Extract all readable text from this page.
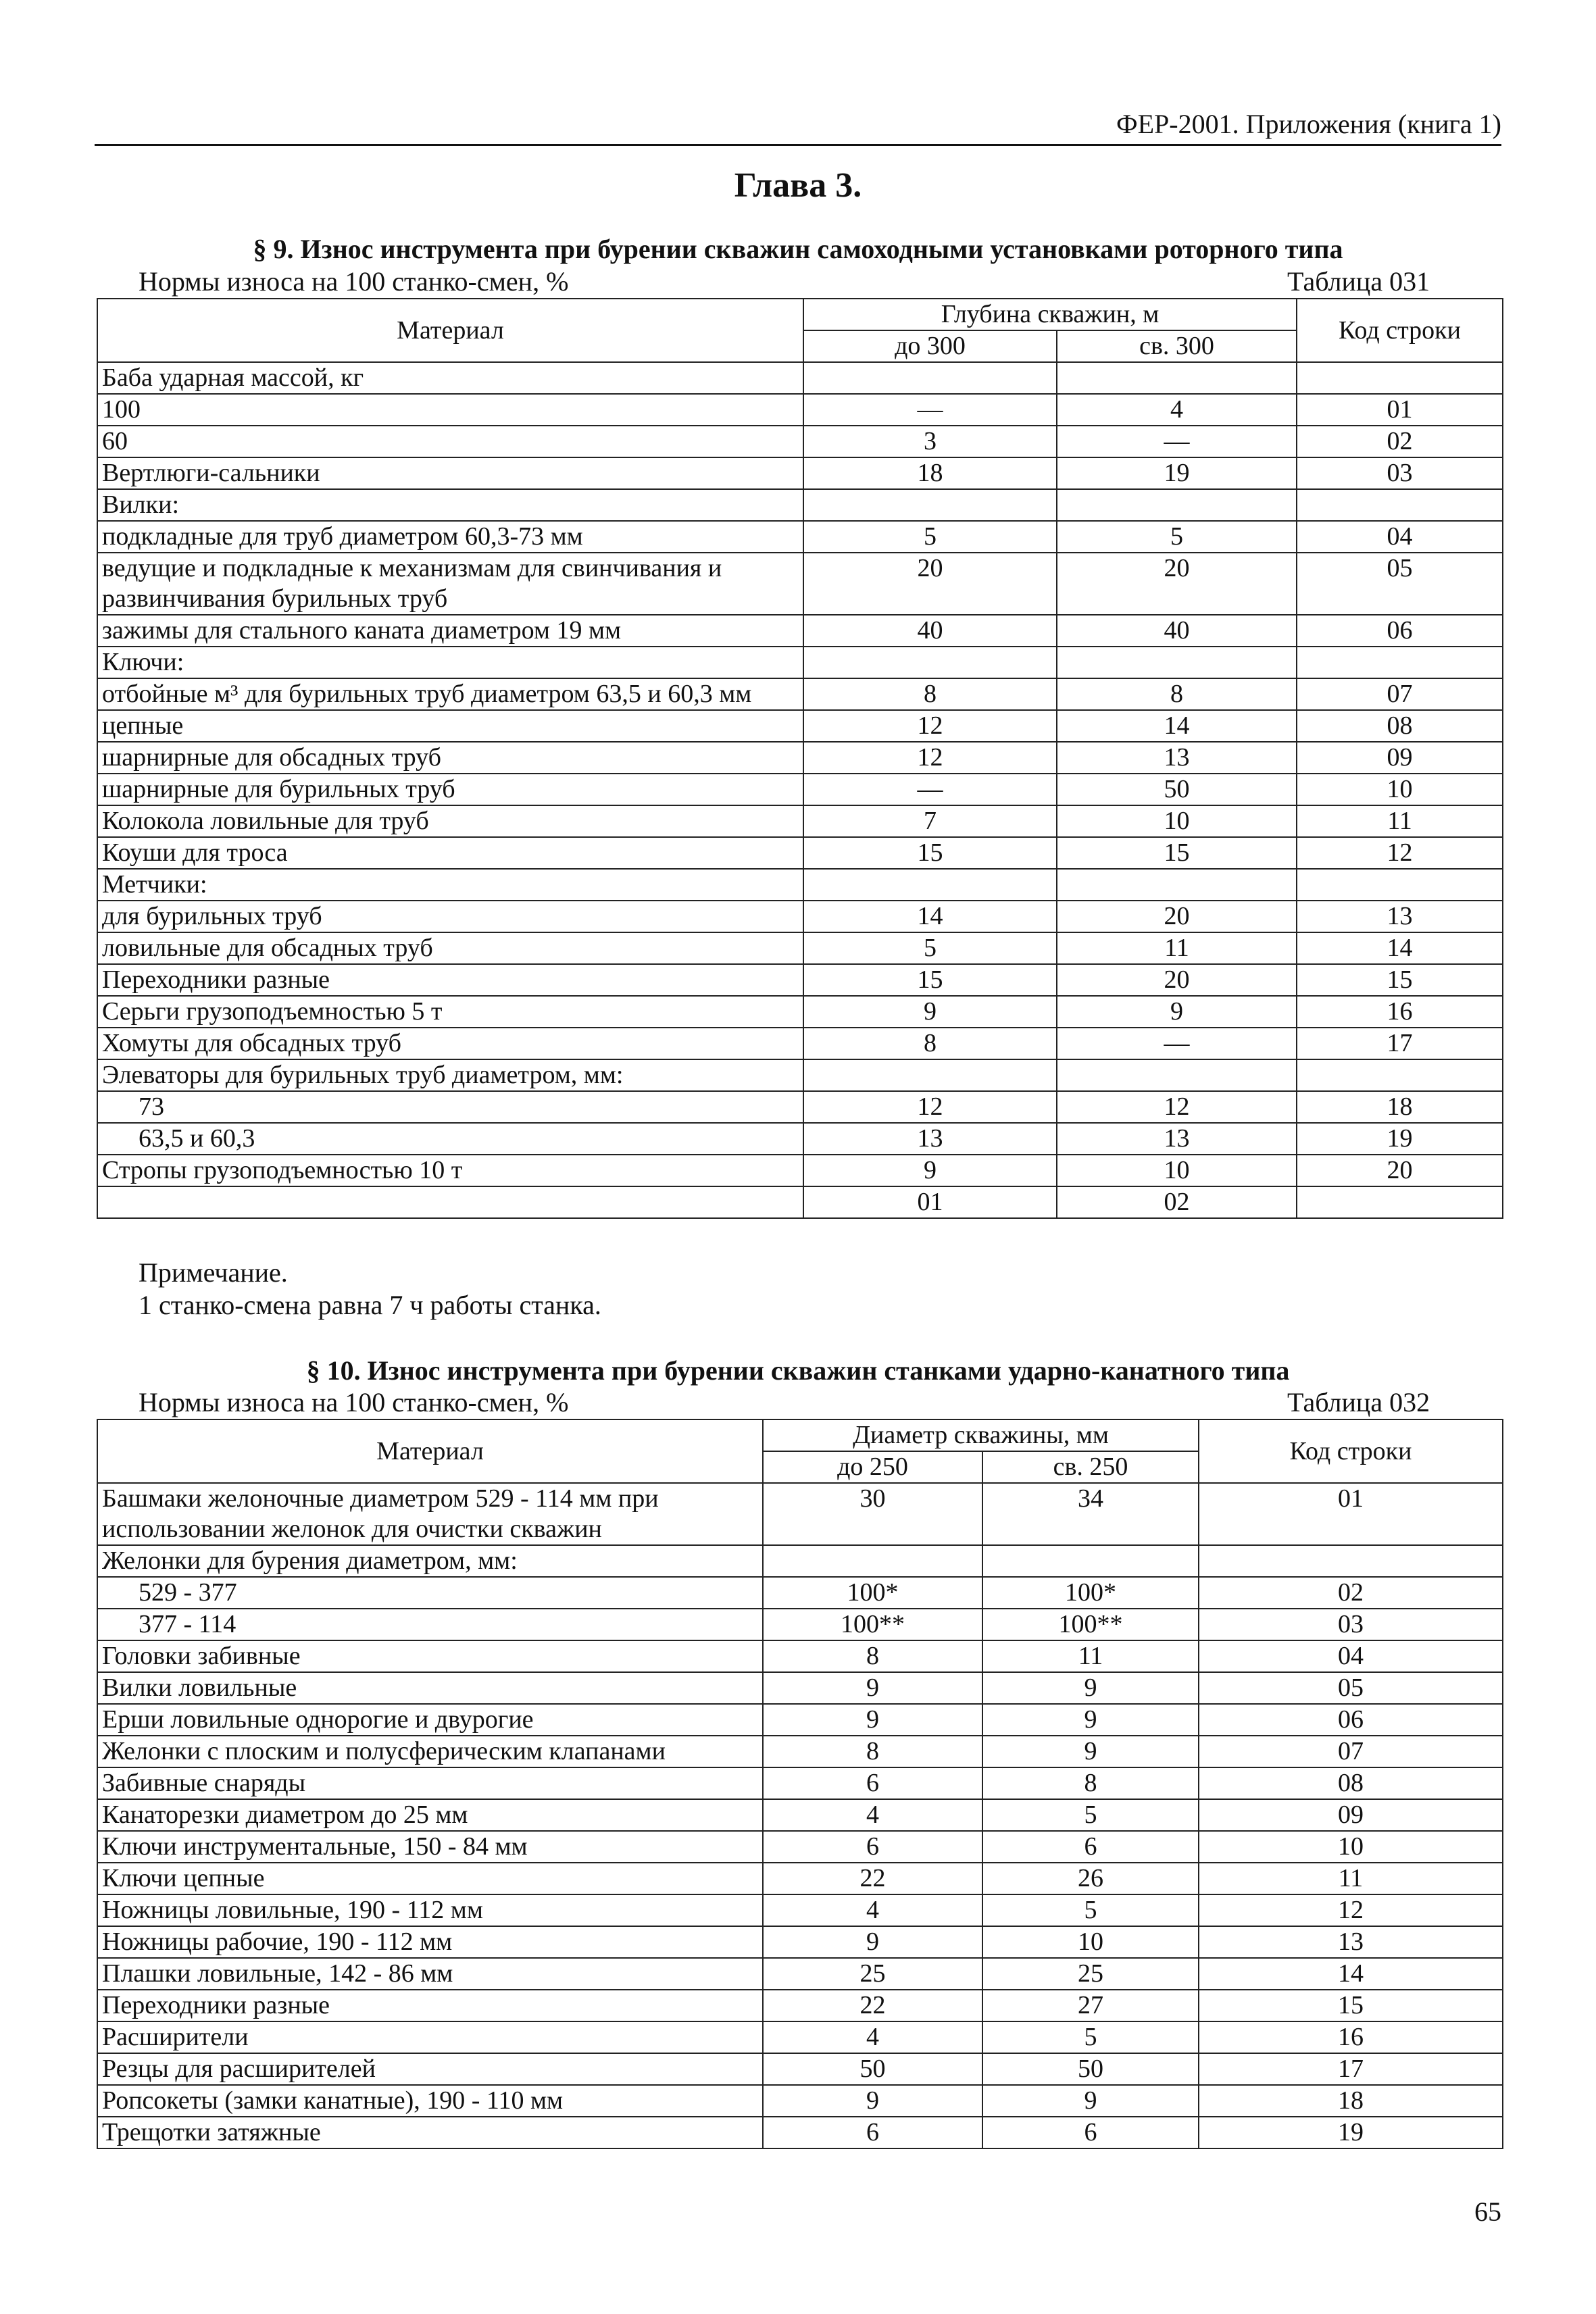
ФЕР-2001. Приложения (книга 1)
Глава 3.
§ 9. Износ инструмента при бурении скважин самоходными установками роторного типа
Нормы износа на 100 станко-смен, %	Таблица 031
Материал	Глубина скважин, м		Код строки
	до 300	св. 300	
Баба ударная массой, кг			
100	—	4	01
60	3	—	02
Вертлюги-сальники	18	19	03
Вилки:			
подкладные для труб диаметром 60,3-73 мм	5	5	04
ведущие и подкладные к механизмам для свинчивания и развинчивания бурильных труб	20	20	05
зажимы для стального каната диаметром 19 мм	40	40	06
Ключи:			
отбойные м³ для бурильных труб диаметром 63,5 и 60,3 мм	8	8	07
цепные	12	14	08
шарнирные для обсадных труб	12	13	09
шарнирные для бурильных труб	—	50	10
Колокола ловильные для труб	7	10	11
Коуши для троса	15	15	12
Метчики:			
для бурильных труб	14	20	13
ловильные для обсадных труб	5	11	14
Переходники разные	15	20	15
Серьги грузоподъемностью 5 т	9	9	16
Хомуты для обсадных труб	8	—	17
Элеваторы для бурильных труб диаметром, мм:			
73	12	12	18
63,5 и 60,3	13	13	19
Стропы грузоподъемностью 10 т	9	10	20
	01	02	
Примечание.
1 станко-смена равна 7 ч работы станка.
§ 10. Износ инструмента при бурении скважин станками ударно-канатного типа
Нормы износа на 100 станко-смен, %	Таблица 032
Материал	Диаметр скважины, мм		Код строки
	до 250	св. 250	
Башмаки желоночные диаметром 529 - 114 мм при использовании желонок для очистки скважин	30	34	01
Желонки для бурения диаметром, мм:			
529 - 377	100*	100*	02
377 - 114	100**	100**	03
Головки забивные	8	11	04
Вилки ловильные	9	9	05
Ерши ловильные однорогие и двурогие	9	9	06
Желонки с плоским и полусферическим клапанами	8	9	07
Забивные снаряды	6	8	08
Канаторезки диаметром до 25 мм	4	5	09
Ключи инструментальные, 150 - 84 мм	6	6	10
Ключи цепные	22	26	11
Ножницы ловильные, 190 - 112 мм	4	5	12
Ножницы рабочие, 190 - 112 мм	9	10	13
Плашки ловильные, 142 - 86 мм	25	25	14
Переходники разные	22	27	15
Расширители	4	5	16
Резцы для расширителей	50	50	17
Ропсокеты (замки канатные), 190 - 110 мм	9	9	18
Трещотки затяжные	6	6	19
65
